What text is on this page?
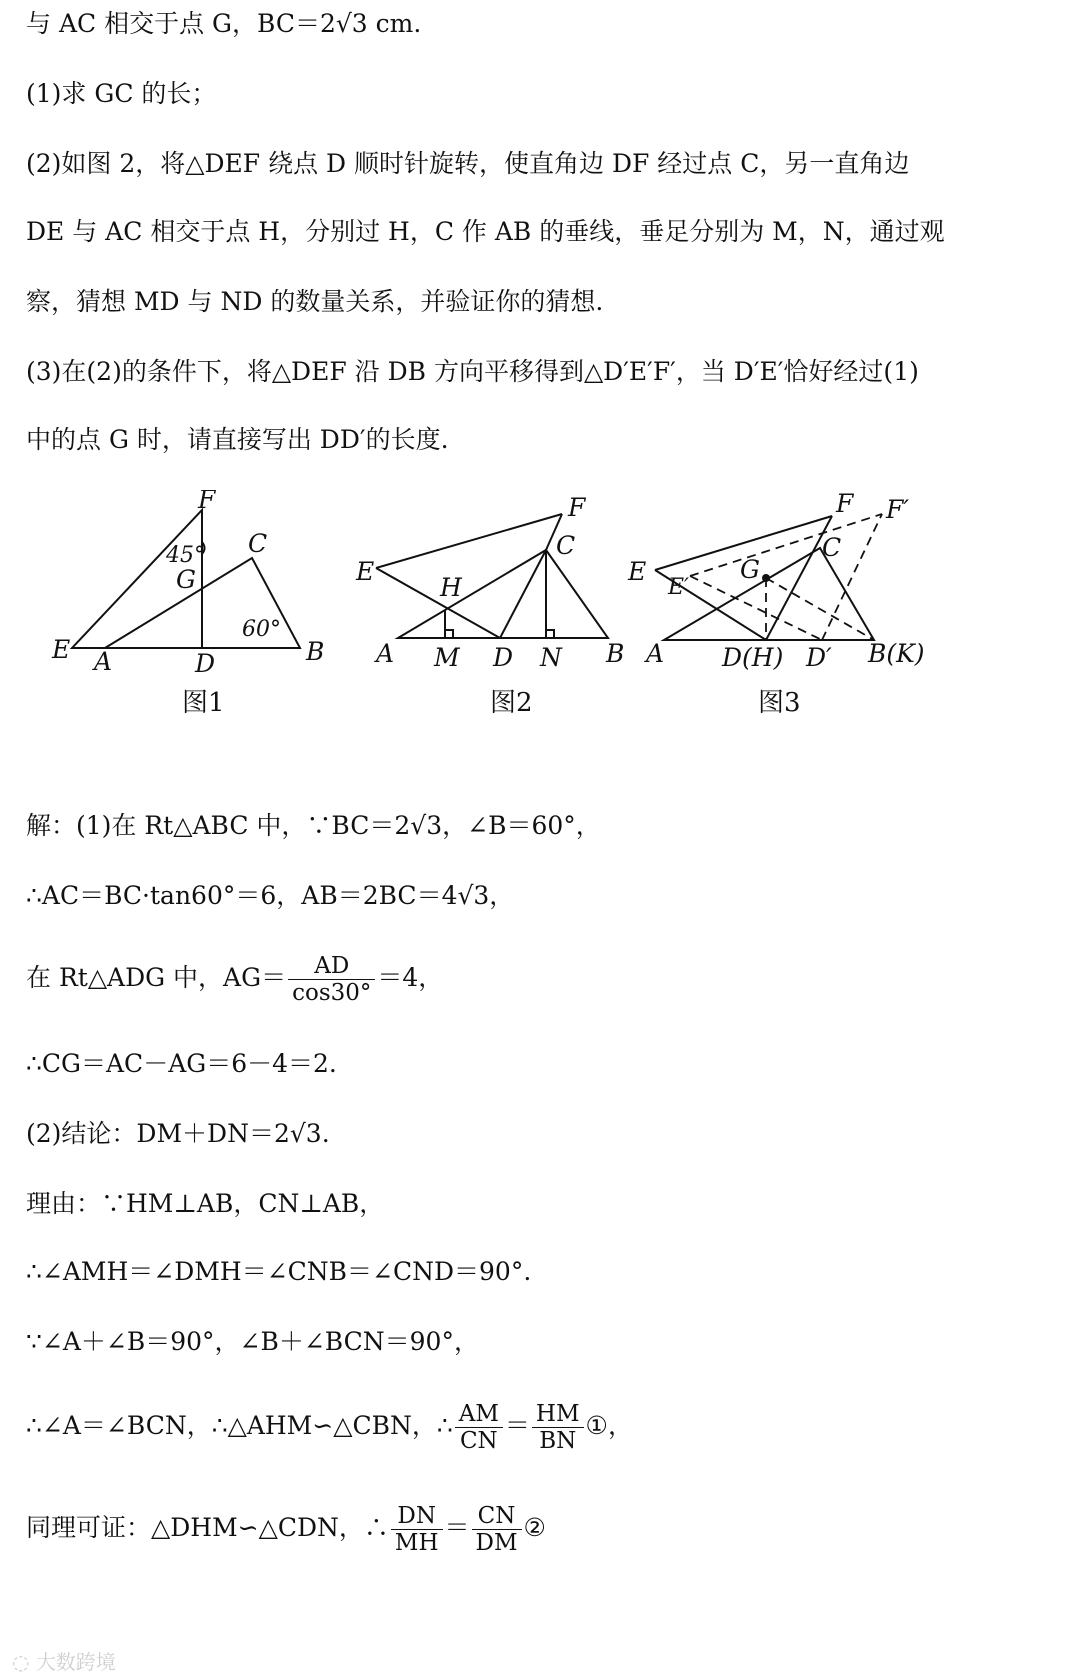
与 AC 相交于点 G，BC＝2√3 cm.
(1)求 GC 的长；
(2)如图 2，将△DEF 绕点 D 顺时针旋转，使直角边 DF 经过点 C，另一直角边
DE 与 AC 相交于点 H，分别过 H，C 作 AB 的垂线，垂足分别为 M，N，通过观
察，猜想 MD 与 ND 的数量关系，并验证你的猜想.
(3)在(2)的条件下，将△DEF 沿 DB 方向平移得到△D′E′F′，当 D′E′恰好经过(1)
中的点 G 时，请直接写出 DD′的长度.
F
45°
G
C
60°
E A	D	B
F
C
E
H
A M D N B
F F′
C
E
E′
G
A D(H) D′ B(K)
图1	图2	图3
解：(1)在 Rt△ABC 中，∵BC＝2√3，∠B＝60°，
∴AC＝BC·tan60°＝6，AB＝2BC＝4√3，
在 Rt△ADG 中，$AG= \frac{AD}{\cos 30^\circ} =4$，
∴CG＝AC－AG＝6－4＝2.
(2)结论：DM＋DN＝2√3.
理由：∵HM⊥AB，CN⊥AB，
∴∠AMH＝∠DMH＝∠CNB＝∠CND＝90°.
∵∠A＋∠B＝90°，∠B＋∠BCN＝90°，
∴∠A＝∠BCN，∴△AHM∽△CBN，∴ $\frac{AM}{CN} = \frac{HM}{BN}$ ①，
同理可证：△DHM∽△CDN，∴ $\frac{DN}{MH} = \frac{CN}{DM}$ ②
◌ 大数跨境
